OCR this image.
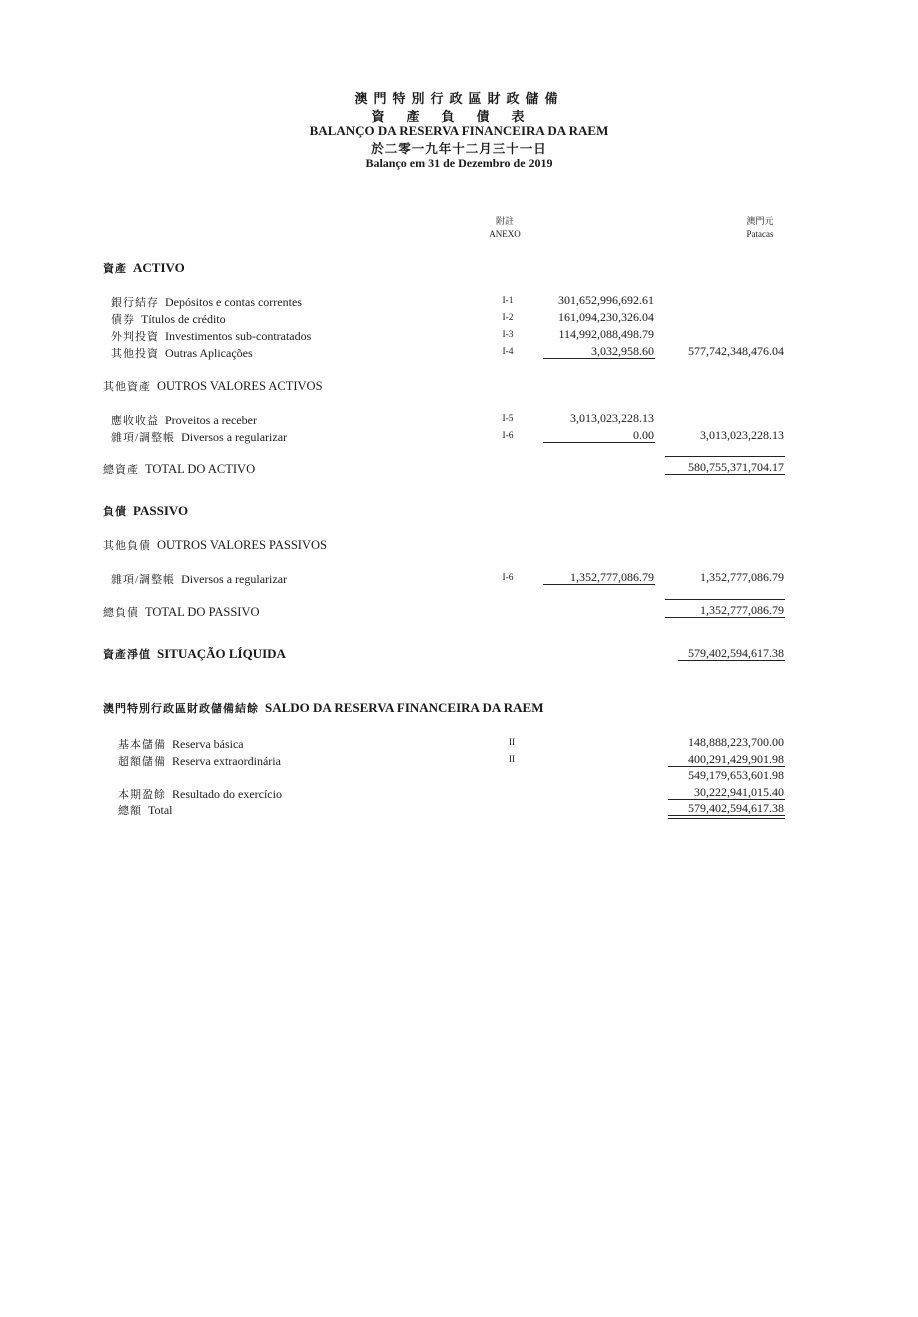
澳門特別行政區財政儲備
資產負債表
BALANÇO DA RESERVA FINANCEIRA DA RAEM
於二零一九年十二月三十一日
Balanço em 31 de Dezembro de 2019
附註
ANEXO
澳門元
Patacas
資產 ACTIVO
銀行結存 Depósitos e contas correntes	I-1	301,652,996,692.61
債券 Títulos de crédito	I-2	161,094,230,326.04
外判投資 Investimentos sub-contratados	I-3	114,992,088,498.79
其他投資 Outras Aplicações	I-4	3,032,958.60	577,742,348,476.04
其他資產 OUTROS VALORES ACTIVOS
應收收益 Proveitos a receber	I-5	3,013,023,228.13
雜項/調整帳 Diversos a regularizar	I-6	0.00	3,013,023,228.13
總資產 TOTAL DO ACTIVO	580,755,371,704.17
負債 PASSIVO
其他負債 OUTROS VALORES PASSIVOS
雜項/調整帳 Diversos a regularizar	I-6	1,352,777,086.79	1,352,777,086.79
總負債 TOTAL DO PASSIVO	1,352,777,086.79
資產淨值 SITUAÇÃO LÍQUIDA	579,402,594,617.38
澳門特別行政區財政儲備結餘 SALDO DA RESERVA FINANCEIRA DA RAEM
基本儲備 Reserva básica	II	148,888,223,700.00
超額儲備 Reserva extraordinária	II	400,291,429,901.98
549,179,653,601.98
本期盈餘 Resultado do exercício	30,222,941,015.40
總額 Total	579,402,594,617.38
